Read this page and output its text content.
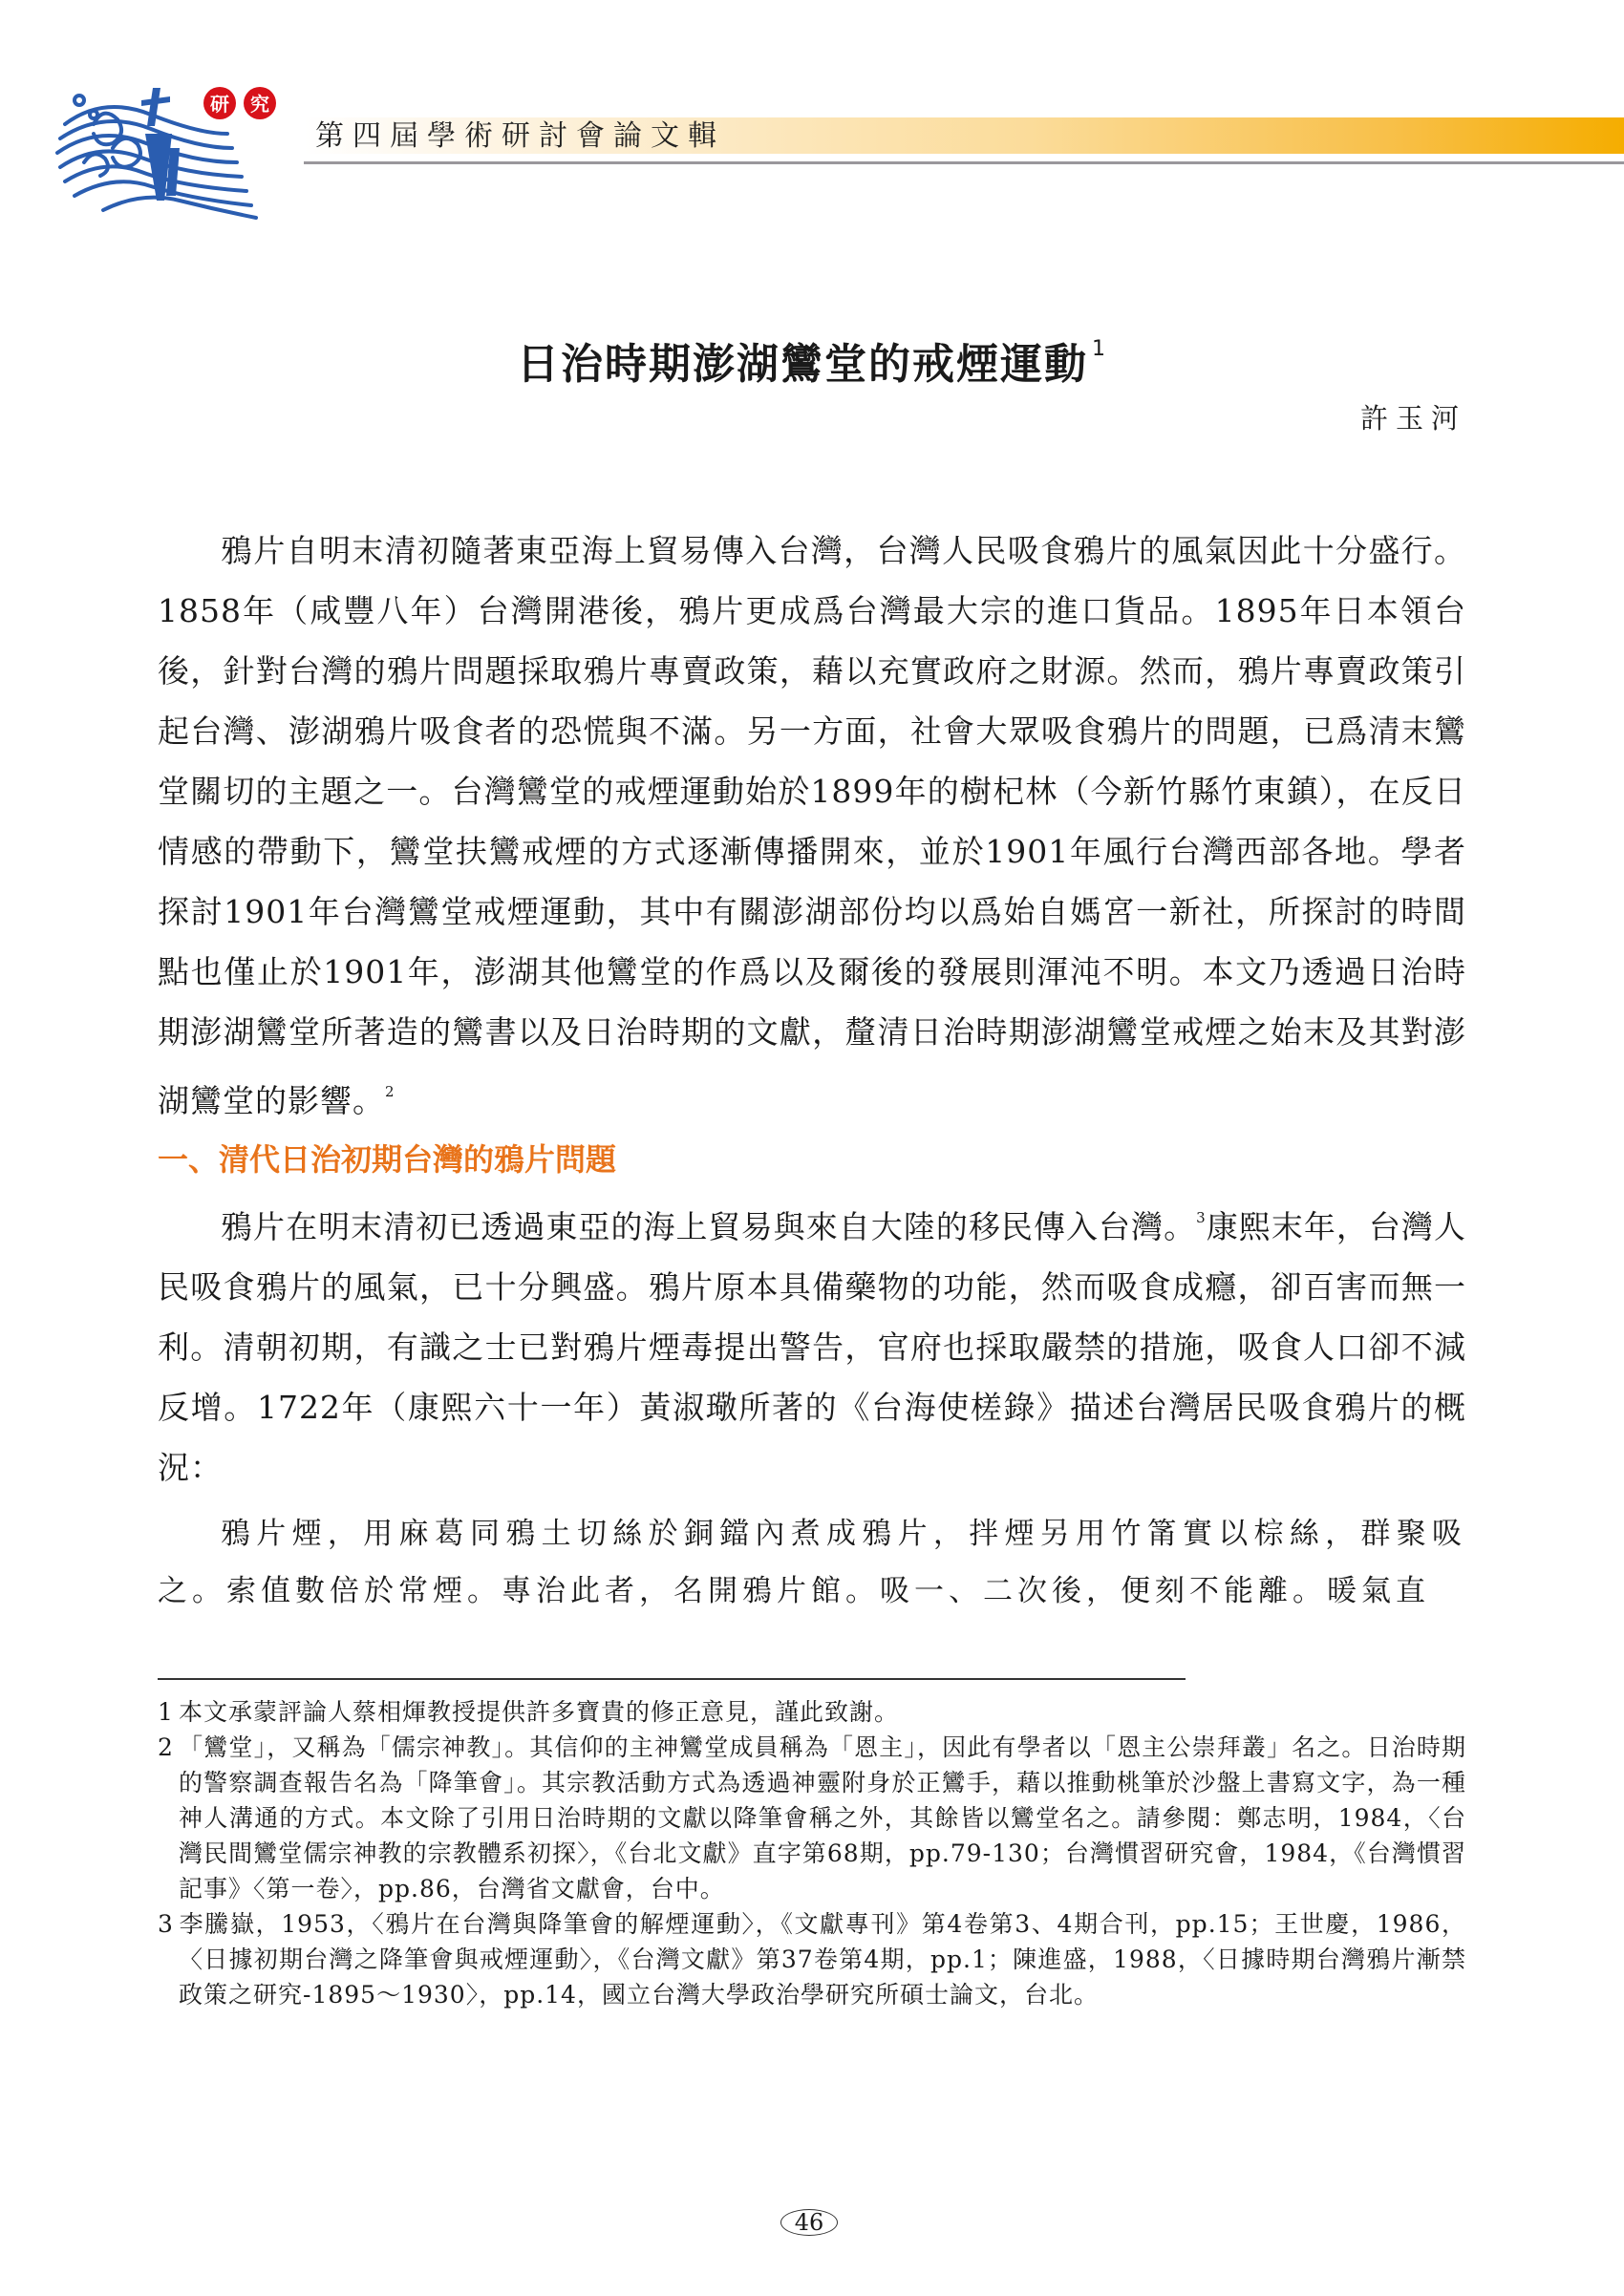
研 究
第四屆學術研討會論文輯
日治時期澎湖鸞堂的戒煙運動 $^1$
許玉河

鴉片自明末清初隨著東亞海上貿易傳入台灣，台灣人民吸食鴉片的風氣因此十分盛行。1858年（咸豐八年）台灣開港後，鴉片更成爲台灣最大宗的進口貨品。1895年日本領台後，針對台灣的鴉片問題採取鴉片專賣政策，藉以充實政府之財源。然而，鴉片專賣政策引起台灣、澎湖鴉片吸食者的恐慌與不滿。另一方面，社會大眾吸食鴉片的問題，已爲清末鸞堂關切的主題之一。台灣鸞堂的戒煙運動始於1899年的樹杞林（今新竹縣竹東鎮），在反日情感的帶動下，鸞堂扶鸞戒煙的方式逐漸傳播開來，並於1901年風行台灣西部各地。學者探討1901年台灣鸞堂戒煙運動，其中有關澎湖部份均以爲始自媽宮一新社，所探討的時間點也僅止於1901年，澎湖其他鸞堂的作爲以及爾後的發展則渾沌不明。本文乃透過日治時期澎湖鸞堂所著造的鸞書以及日治時期的文獻，釐清日治時期澎湖鸞堂戒煙之始末及其對澎湖鸞堂的影響。$^2$

一、清代日治初期台灣的鴉片問題

鴉片在明末清初已透過東亞的海上貿易與來自大陸的移民傳入台灣。$^3$康熙末年，台灣人民吸食鴉片的風氣，已十分興盛。鴉片原本具備藥物的功能，然而吸食成癮，卻百害而無一利。清朝初期，有識之士已對鴉片煙毒提出警告，官府也採取嚴禁的措施，吸食人口卻不減反增。1722年（康熙六十一年）黃淑璥所著的《台海使槎錄》描述台灣居民吸食鴉片的概況：

鴉片煙，用麻葛同鴉土切絲於銅鐺內煮成鴉片，拌煙另用竹筩實以棕絲，群聚吸之。索值數倍於常煙。專治此者，名開鴉片館。吸一、二次後，便刻不能離。暖氣直

1 本文承蒙評論人蔡相煇教授提供許多寶貴的修正意見，謹此致謝。

2 「鸞堂」，又稱為「儒宗神教」。其信仰的主神鸞堂成員稱為「恩主」，因此有學者以「恩主公崇拜叢」名之。日治時期的警察調查報告名為「降筆會」。其宗教活動方式為透過神靈附身於正鸞手，藉以推動桃筆於沙盤上書寫文字，為一種神人溝通的方式。本文除了引用日治時期的文獻以降筆會稱之外，其餘皆以鸞堂名之。請參閱：鄭志明，1984，〈台灣民間鸞堂儒宗神教的宗教體系初探〉，《台北文獻》直字第68期，pp.79-130；台灣慣習研究會，1984，《台灣慣習記事》〈第一卷〉，pp.86，台灣省文獻會，台中。

3 李騰嶽，1953，〈鴉片在台灣與降筆會的解煙運動〉，《文獻專刊》第4卷第3、4期合刊，pp.15；王世慶，1986，〈日據初期台灣之降筆會與戒煙運動〉，《台灣文獻》第37卷第4期，pp.1；陳進盛，1988，〈日據時期台灣鴉片漸禁政策之研究-1895～1930〉，pp.14，國立台灣大學政治學研究所碩士論文，台北。

46
